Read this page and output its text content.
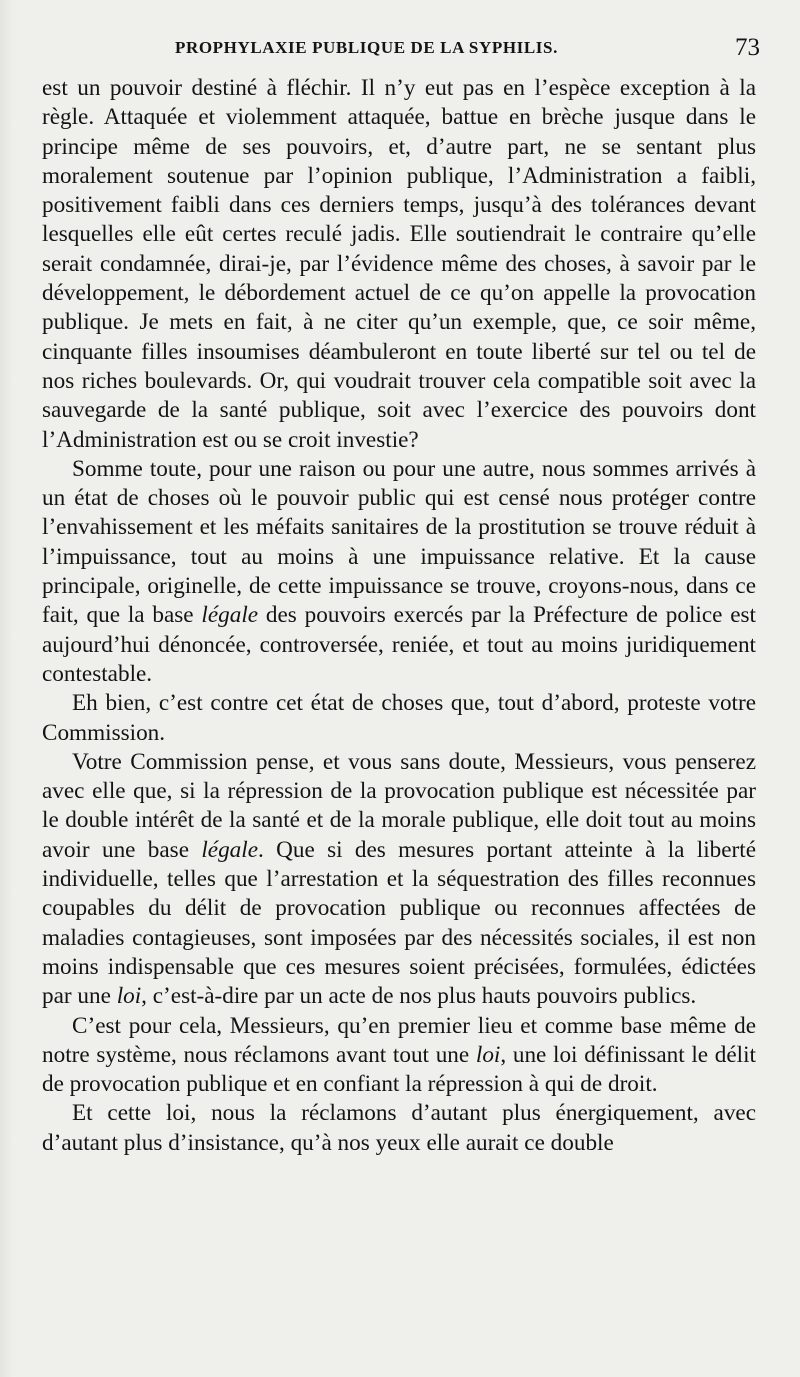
PROPHYLAXIE PUBLIQUE DE LA SYPHILIS.	73

est un pouvoir destiné à fléchir. Il n’y eut pas en l’espèce exception à la règle. Attaquée et violemment attaquée, battue en brèche jusque dans le principe même de ses pouvoirs, et, d’autre part, ne se sentant plus moralement soutenue par l’opinion publique, l’Administration a faibli, positivement faibli dans ces derniers temps, jusqu’à des tolérances devant lesquelles elle eût certes reculé jadis. Elle soutiendrait le contraire qu’elle serait condamnée, dirai-je, par l’évidence même des choses, à savoir par le développement, le débordement actuel de ce qu’on appelle la provocation publique. Je mets en fait, à ne citer qu’un exemple, que, ce soir même, cinquante filles insoumises déambuleront en toute liberté sur tel ou tel de nos riches boulevards. Or, qui voudrait trouver cela compatible soit avec la sauvegarde de la santé publique, soit avec l’exercice des pouvoirs dont l’Administration est ou se croit investie?

Somme toute, pour une raison ou pour une autre, nous sommes arrivés à un état de choses où le pouvoir public qui est censé nous protéger contre l’envahissement et les méfaits sanitaires de la prostitution se trouve réduit à l’impuissance, tout au moins à une impuissance relative. Et la cause principale, originelle, de cette impuissance se trouve, croyons-nous, dans ce fait, que la base légale des pouvoirs exercés par la Préfecture de police est aujourd’hui dénoncée, controversée, reniée, et tout au moins juridiquement contestable.

Eh bien, c’est contre cet état de choses que, tout d’abord, proteste votre Commission.

Votre Commission pense, et vous sans doute, Messieurs, vous penserez avec elle que, si la répression de la provocation publique est nécessitée par le double intérêt de la santé et de la morale publique, elle doit tout au moins avoir une base légale. Que si des mesures portant atteinte à la liberté individuelle, telles que l’arrestation et la séquestration des filles reconnues coupables du délit de provocation publique ou reconnues affectées de maladies contagieuses, sont imposées par des nécessités sociales, il est non moins indispensable que ces mesures soient précisées, formulées, édictées par une loi, c’est-à-dire par un acte de nos plus hauts pouvoirs publics.

C’est pour cela, Messieurs, qu’en premier lieu et comme base même de notre système, nous réclamons avant tout une loi, une loi définissant le délit de provocation publique et en confiant la répression à qui de droit.

Et cette loi, nous la réclamons d’autant plus énergiquement, avec d’autant plus d’insistance, qu’à nos yeux elle aurait ce double
